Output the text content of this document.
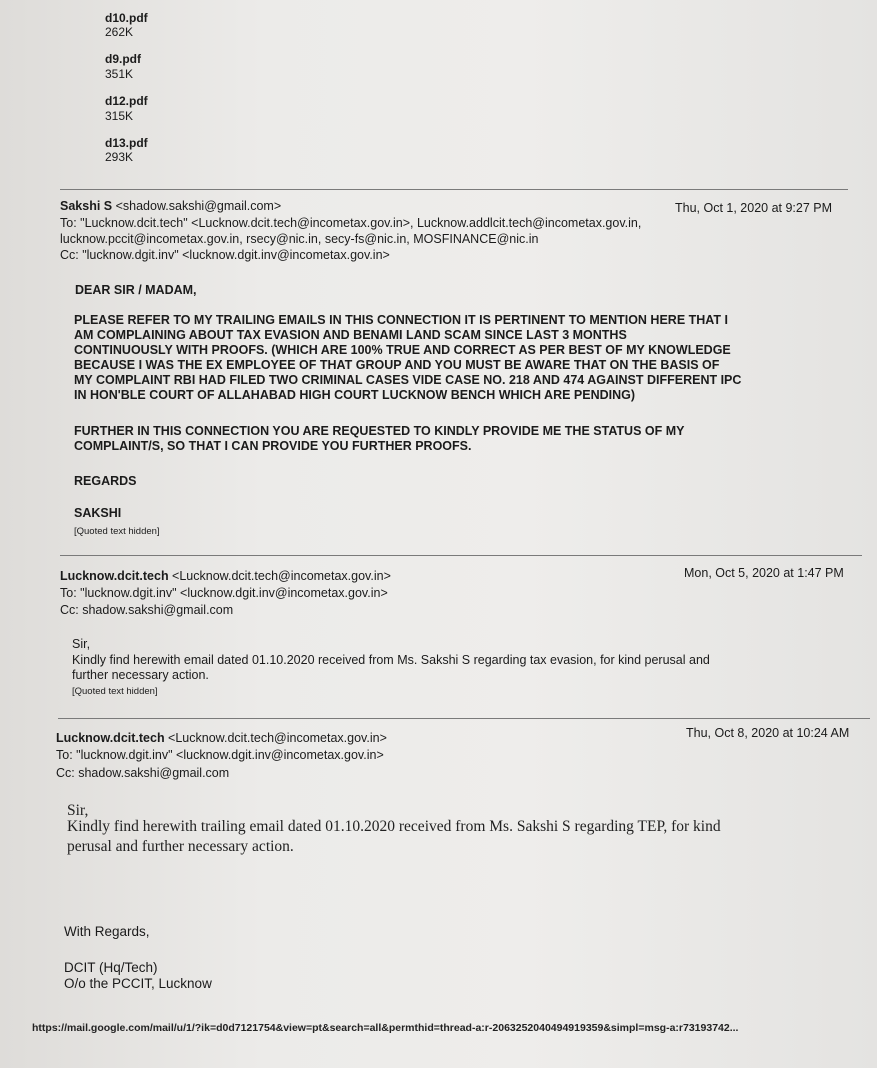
d10.pdf
262K
d9.pdf
351K
d12.pdf
315K
d13.pdf
293K
Sakshi S <shadow.sakshi@gmail.com>	Thu, Oct 1, 2020 at 9:27 PM
To: "Lucknow.dcit.tech" <Lucknow.dcit.tech@incometax.gov.in>, Lucknow.addlcit.tech@incometax.gov.in,
lucknow.pccit@incometax.gov.in, rsecy@nic.in, secy-fs@nic.in, MOSFINANCE@nic.in
Cc: "lucknow.dgit.inv" <lucknow.dgit.inv@incometax.gov.in>
DEAR SIR / MADAM,
PLEASE REFER TO MY TRAILING EMAILS IN THIS CONNECTION IT IS PERTINENT TO MENTION HERE THAT I
AM COMPLAINING ABOUT TAX EVASION AND BENAMI LAND SCAM SINCE LAST 3 MONTHS
CONTINUOUSLY WITH PROOFS. (WHICH ARE 100% TRUE AND CORRECT AS PER BEST OF MY KNOWLEDGE
BECAUSE I WAS THE EX EMPLOYEE OF THAT GROUP AND YOU MUST BE AWARE THAT ON THE BASIS OF
MY COMPLAINT RBI HAD FILED TWO CRIMINAL CASES VIDE CASE NO. 218 AND 474 AGAINST DIFFERENT IPC
IN HON'BLE COURT OF ALLAHABAD HIGH COURT LUCKNOW BENCH WHICH ARE PENDING)
FURTHER IN THIS CONNECTION YOU ARE REQUESTED TO KINDLY PROVIDE ME THE STATUS OF MY
COMPLAINT/S, SO THAT I CAN PROVIDE YOU FURTHER PROOFS.
REGARDS
SAKSHI
[Quoted text hidden]
Lucknow.dcit.tech <Lucknow.dcit.tech@incometax.gov.in>	Mon, Oct 5, 2020 at 1:47 PM
To: "lucknow.dgit.inv" <lucknow.dgit.inv@incometax.gov.in>
Cc: shadow.sakshi@gmail.com
Sir,
Kindly find herewith email dated 01.10.2020 received from Ms. Sakshi S regarding tax evasion, for kind perusal and
further necessary action.
[Quoted text hidden]
Lucknow.dcit.tech <Lucknow.dcit.tech@incometax.gov.in>	Thu, Oct 8, 2020 at 10:24 AM
To: "lucknow.dgit.inv" <lucknow.dgit.inv@incometax.gov.in>
Cc: shadow.sakshi@gmail.com
Sir,
Kindly find herewith trailing email dated 01.10.2020 received from Ms. Sakshi S regarding TEP, for kind
perusal and further necessary action.
With Regards,
DCIT (Hq/Tech)
O/o the PCCIT, Lucknow
https://mail.google.com/mail/u/1/?ik=d0d7121754&view=pt&search=all&permthid=thread-a:r-2063252040494919359&simpl=msg-a:r73193742...
